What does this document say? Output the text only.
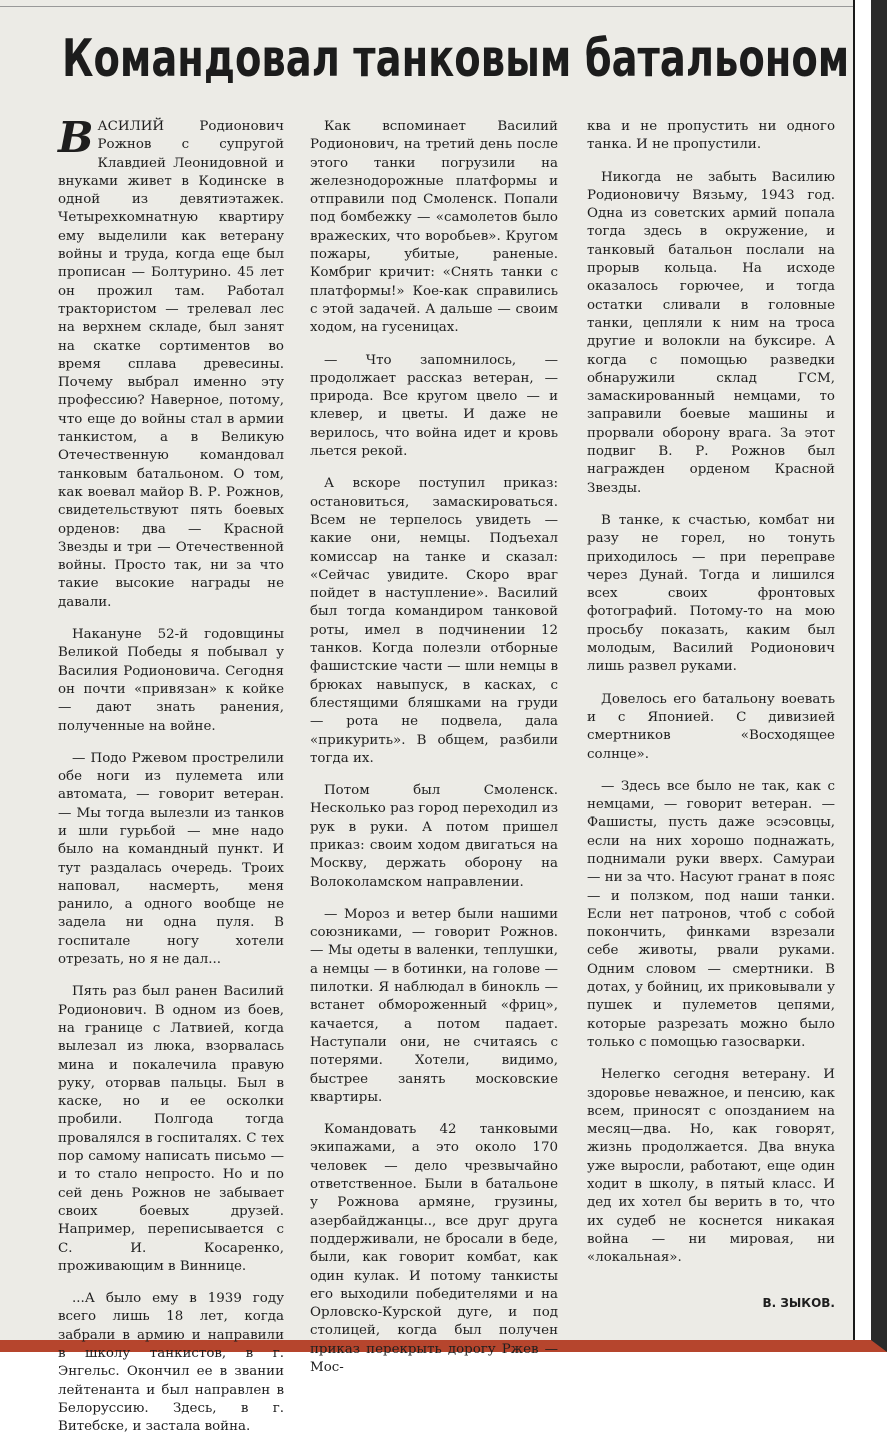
Командовал танковым батальоном

ВАСИЛИЙ Родионович Рожнов с супругой Клавдией Леонидовной и внуками живет в Кодинске в одной из девятиэтажек. Четырехкомнатную квартиру ему выделили как ветерану войны и труда, когда еще был прописан — Болтурино. 45 лет он прожил там. Работал трактористом — трелевал лес на верхнем складе, был занят на скатке сортиментов во время сплава древесины. Почему выбрал именно эту профессию? Наверное, потому, что еще до войны стал в армии танкистом, а в Великую Отечественную командовал танковым батальоном. О том, как воевал майор В. Р. Рожнов, свидетельствуют пять боевых орденов: два — Красной Звезды и три — Отечественной войны. Просто так, ни за что такие высокие награды не давали.

Накануне 52-й годовщины Великой Победы я побывал у Василия Родионовича. Сегодня он почти «привязан» к койке — дают знать ранения, полученные на войне.

— Подо Ржевом прострелили обе ноги из пулемета или автомата, — говорит ветеран. — Мы тогда вылезли из танков и шли гурьбой — мне надо было на командный пункт. И тут раздалась очередь. Троих наповал, насмерть, меня ранило, а одного вообще не задела ни одна пуля. В госпитале ногу хотели отрезать, но я не дал...

Пять раз был ранен Василий Родионович. В одном из боев, на границе с Латвией, когда вылезал из люка, взорвалась мина и покалечила правую руку, оторвав пальцы. Был в каске, но и ее осколки пробили. Полгода тогда провалялся в госпиталях. С тех пор самому написать письмо — и то стало непросто. Но и по сей день Рожнов не забывает своих боевых друзей. Например, переписывается с С. И. Косаренко, проживающим в Виннице.

...А было ему в 1939 году всего лишь 18 лет, когда забрали в армию и направили в школу танкистов, в г. Энгельс. Окончил ее в звании лейтенанта и был направлен в Белоруссию. Здесь, в г. Витебске, и застала война.

Как вспоминает Василий Родионович, на третий день после этого танки погрузили на железнодорожные платформы и отправили под Смоленск. Попали под бомбежку — «самолетов было вражеских, что воробьев». Кругом пожары, убитые, раненые. Комбриг кричит: «Снять танки с платформы!» Кое-как справились с этой задачей. А дальше — своим ходом, на гусеницах.

— Что запомнилось, — продолжает рассказ ветеран, — природа. Все кругом цвело — и клевер, и цветы. И даже не верилось, что война идет и кровь льется рекой.

А вскоре поступил приказ: остановиться, замаскироваться. Всем не терпелось увидеть — какие они, немцы. Подъехал комиссар на танке и сказал: «Сейчас увидите. Скоро враг пойдет в наступление». Василий был тогда командиром танковой роты, имел в подчинении 12 танков. Когда полезли отборные фашистские части — шли немцы в брюках навыпуск, в касках, с блестящими бляшками на груди — рота не подвела, дала «прикурить». В общем, разбили тогда их.

Потом был Смоленск. Несколько раз город переходил из рук в руки. А потом пришел приказ: своим ходом двигаться на Москву, держать оборону на Волоколамском направлении.

— Мороз и ветер были нашими союзниками, — говорит Рожнов. — Мы одеты в валенки, теплушки, а немцы — в ботинки, на голове — пилотки. Я наблюдал в бинокль — встанет обмороженный «фриц», качается, а потом падает. Наступали они, не считаясь с потерями. Хотели, видимо, быстрее занять московские квартиры.

Командовать 42 танковыми экипажами, а это около 170 человек — дело чрезвычайно ответственное. Были в батальоне у Рожнова армяне, грузины, азербайджанцы.., все друг друга поддерживали, не бросали в беде, были, как говорит комбат, как один кулак. И потому танкисты его выходили победителями и на Орловско-Курской дуге, и под столицей, когда был получен приказ перекрыть дорогу Ржев — Мос-

ква и не пропустить ни одного танка. И не пропустили.

Никогда не забыть Василию Родионовичу Вязьму, 1943 год. Одна из советских армий попала тогда здесь в окружение, и танковый батальон послали на прорыв кольца. На исходе оказалось горючее, и тогда остатки сливали в головные танки, цепляли к ним на тросa другие и волокли на буксире. А когда с помощью разведки обнаружили склад ГСМ, замаскированный немцами, то заправили боевые машины и прорвали оборону врага. За этот подвиг В. Р. Рожнов был награжден орденом Красной Звезды.

В танке, к счастью, комбат ни разу не горел, но тонуть приходилось — при переправе через Дунай. Тогда и лишился всех своих фронтовых фотографий. Потому-то на мою просьбу показать, каким был молодым, Василий Родионович лишь развел руками.

Довелось его батальону воевать и с Японией. С дивизией смертников «Восходящее солнце».

— Здесь все было не так, как с немцами, — говорит ветеран. — Фашисты, пусть даже эсэсовцы, если на них хорошо поднажать, поднимали руки вверх. Самураи — ни за что. Насуют гранат в пояс — и ползком, под наши танки. Если нет патронов, чтоб с собой покончить, финками взрезали себе животы, рвали руками. Одним словом — смертники. В дотах, у бойниц, их приковывали у пушек и пулеметов цепями, которые разрезать можно было только с помощью газосварки.

Нелегко сегодня ветерану. И здоровье неважное, и пенсию, как всем, приносят с опозданием на месяц—два. Но, как говорят, жизнь продолжается. Два внука уже выросли, работают, еще один ходит в школу, в пятый класс. И дед их хотел бы верить в то, что их судеб не коснется никакая война — ни мировая, ни «локальная».

В. ЗЫКОВ.
